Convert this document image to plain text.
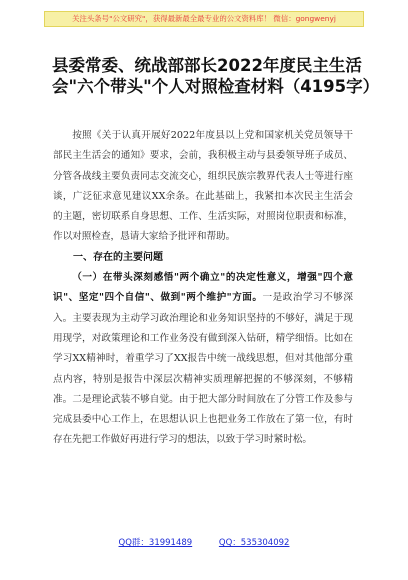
关注头条号"公文研究"，获得最新最全最专业的公文资料库！ 微信：gongwenyj
县委常委、统战部部长2022年度民主生活会"六个带头"个人对照检查材料（4195字）

按照《关于认真开展好2022年度县以上党和国家机关党员领导干部民主生活会的通知》要求，会前，我积极主动与县委领导班子成员、分管各战线主要负责同志交流交心，组织民族宗教界代表人士等进行座谈，广泛征求意见建议XX余条。在此基础上，我紧扣本次民主生活会的主题，密切联系自身思想、工作、生活实际，对照岗位职责和标准，作以对照检查，恳请大家给予批评和帮助。

一、存在的主要问题

（一）在带头深刻感悟"两个确立"的决定性意义，增强"四个意识"、坚定"四个自信"、做到"两个维护"方面。一是政治学习不够深入。主要表现为主动学习政治理论和业务知识坚持的不够好，满足于现用现学，对政策理论和工作业务没有做到深入钻研，精学细悟。比如在学习XX精神时，着重学习了XX报告中统一战线思想，但对其他部分重点内容，特别是报告中深层次精神实质理解把握的不够深刻，不够精准。二是理论武装不够自觉。由于把大部分时间放在了分管工作及参与完成县委中心工作上，在思想认识上也把业务工作放在了第一位，有时存在先把工作做好再进行学习的想法，以致于学习时紧时松。

QQ群：31991489	QQ：535304092
